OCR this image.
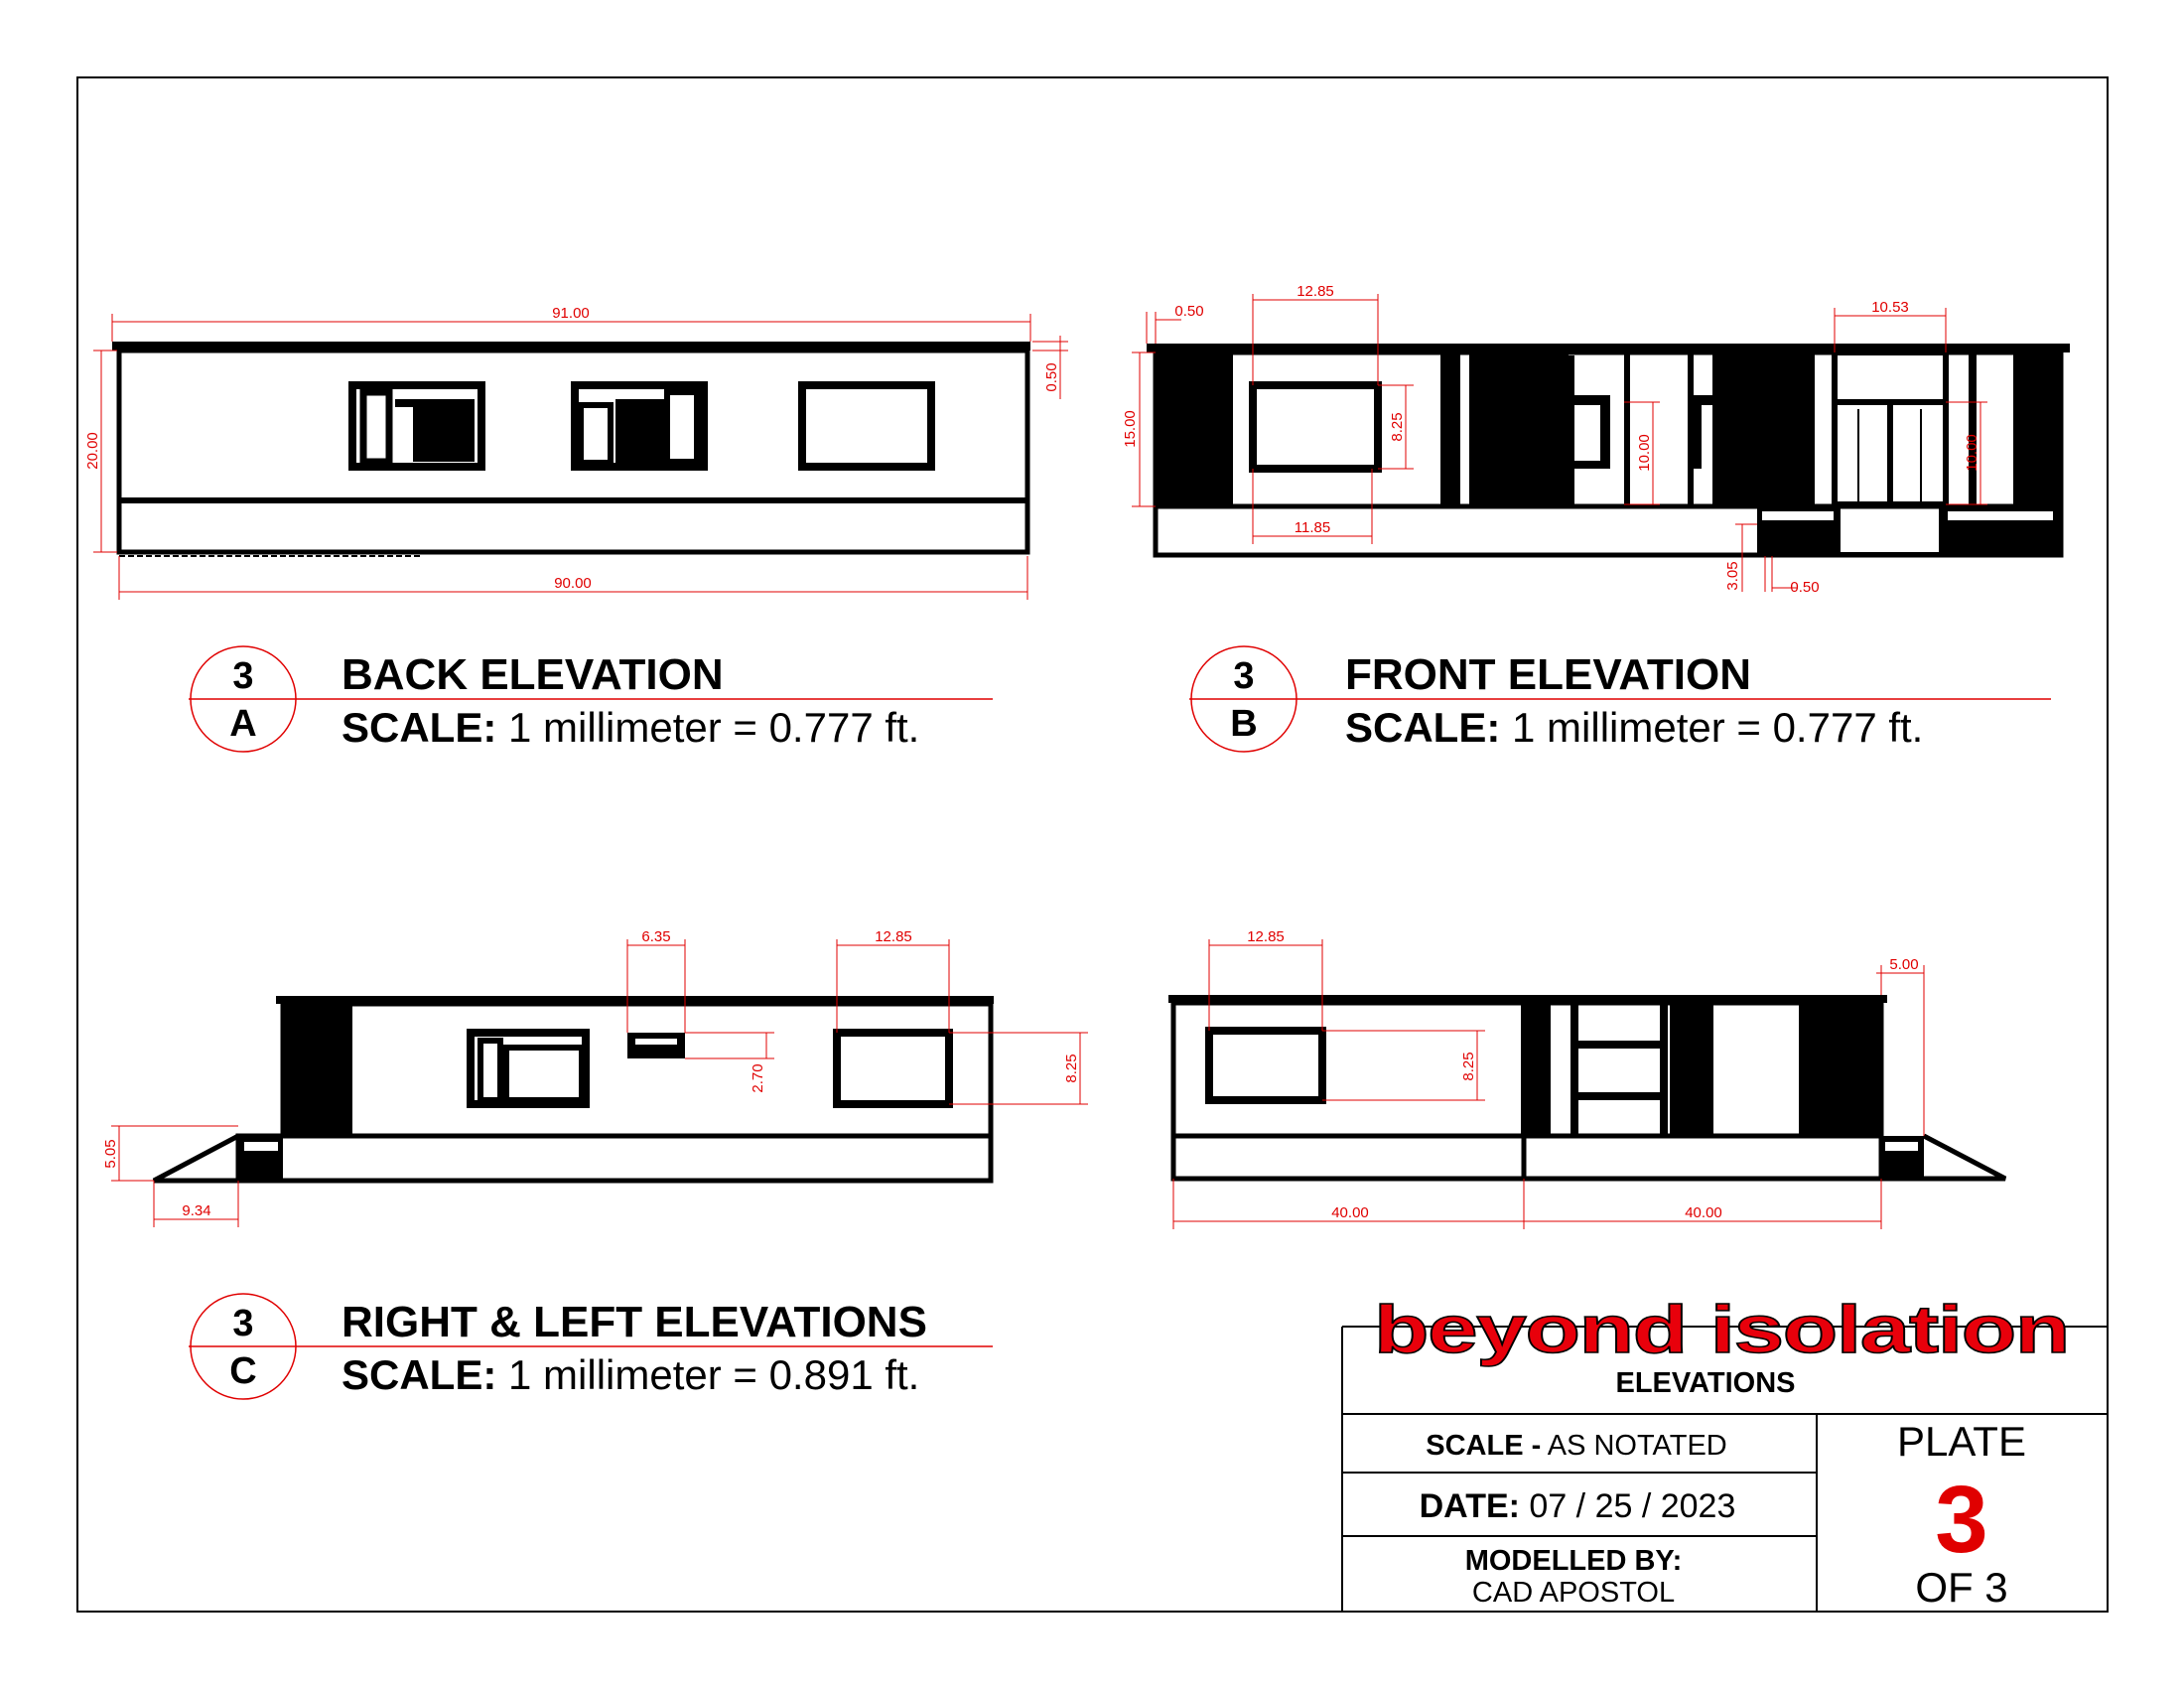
91.00
90.00
20.00
0.50
3
A
BACK ELEVATION
SCALE: 1 millimeter = 0.777 ft.
0.50
12.85
11.85
8.25
15.00
10.00
10.53
10.00
3.05	0.50
3
B
FRONT ELEVATION
SCALE: 1 millimeter = 0.777 ft.
6.35
2.70
12.85
8.25
5.05
9.34
12.85
8.25
5.00
40.00	40.00
3
C
RIGHT & LEFT ELEVATIONS
SCALE: 1 millimeter = 0.891 ft.
beyond isolation
ELEVATIONS
SCALE - AS NOTATED
DATE: 07 / 25 / 2023
MODELLED BY:
CAD APOSTOL
PLATE
3
OF 3
